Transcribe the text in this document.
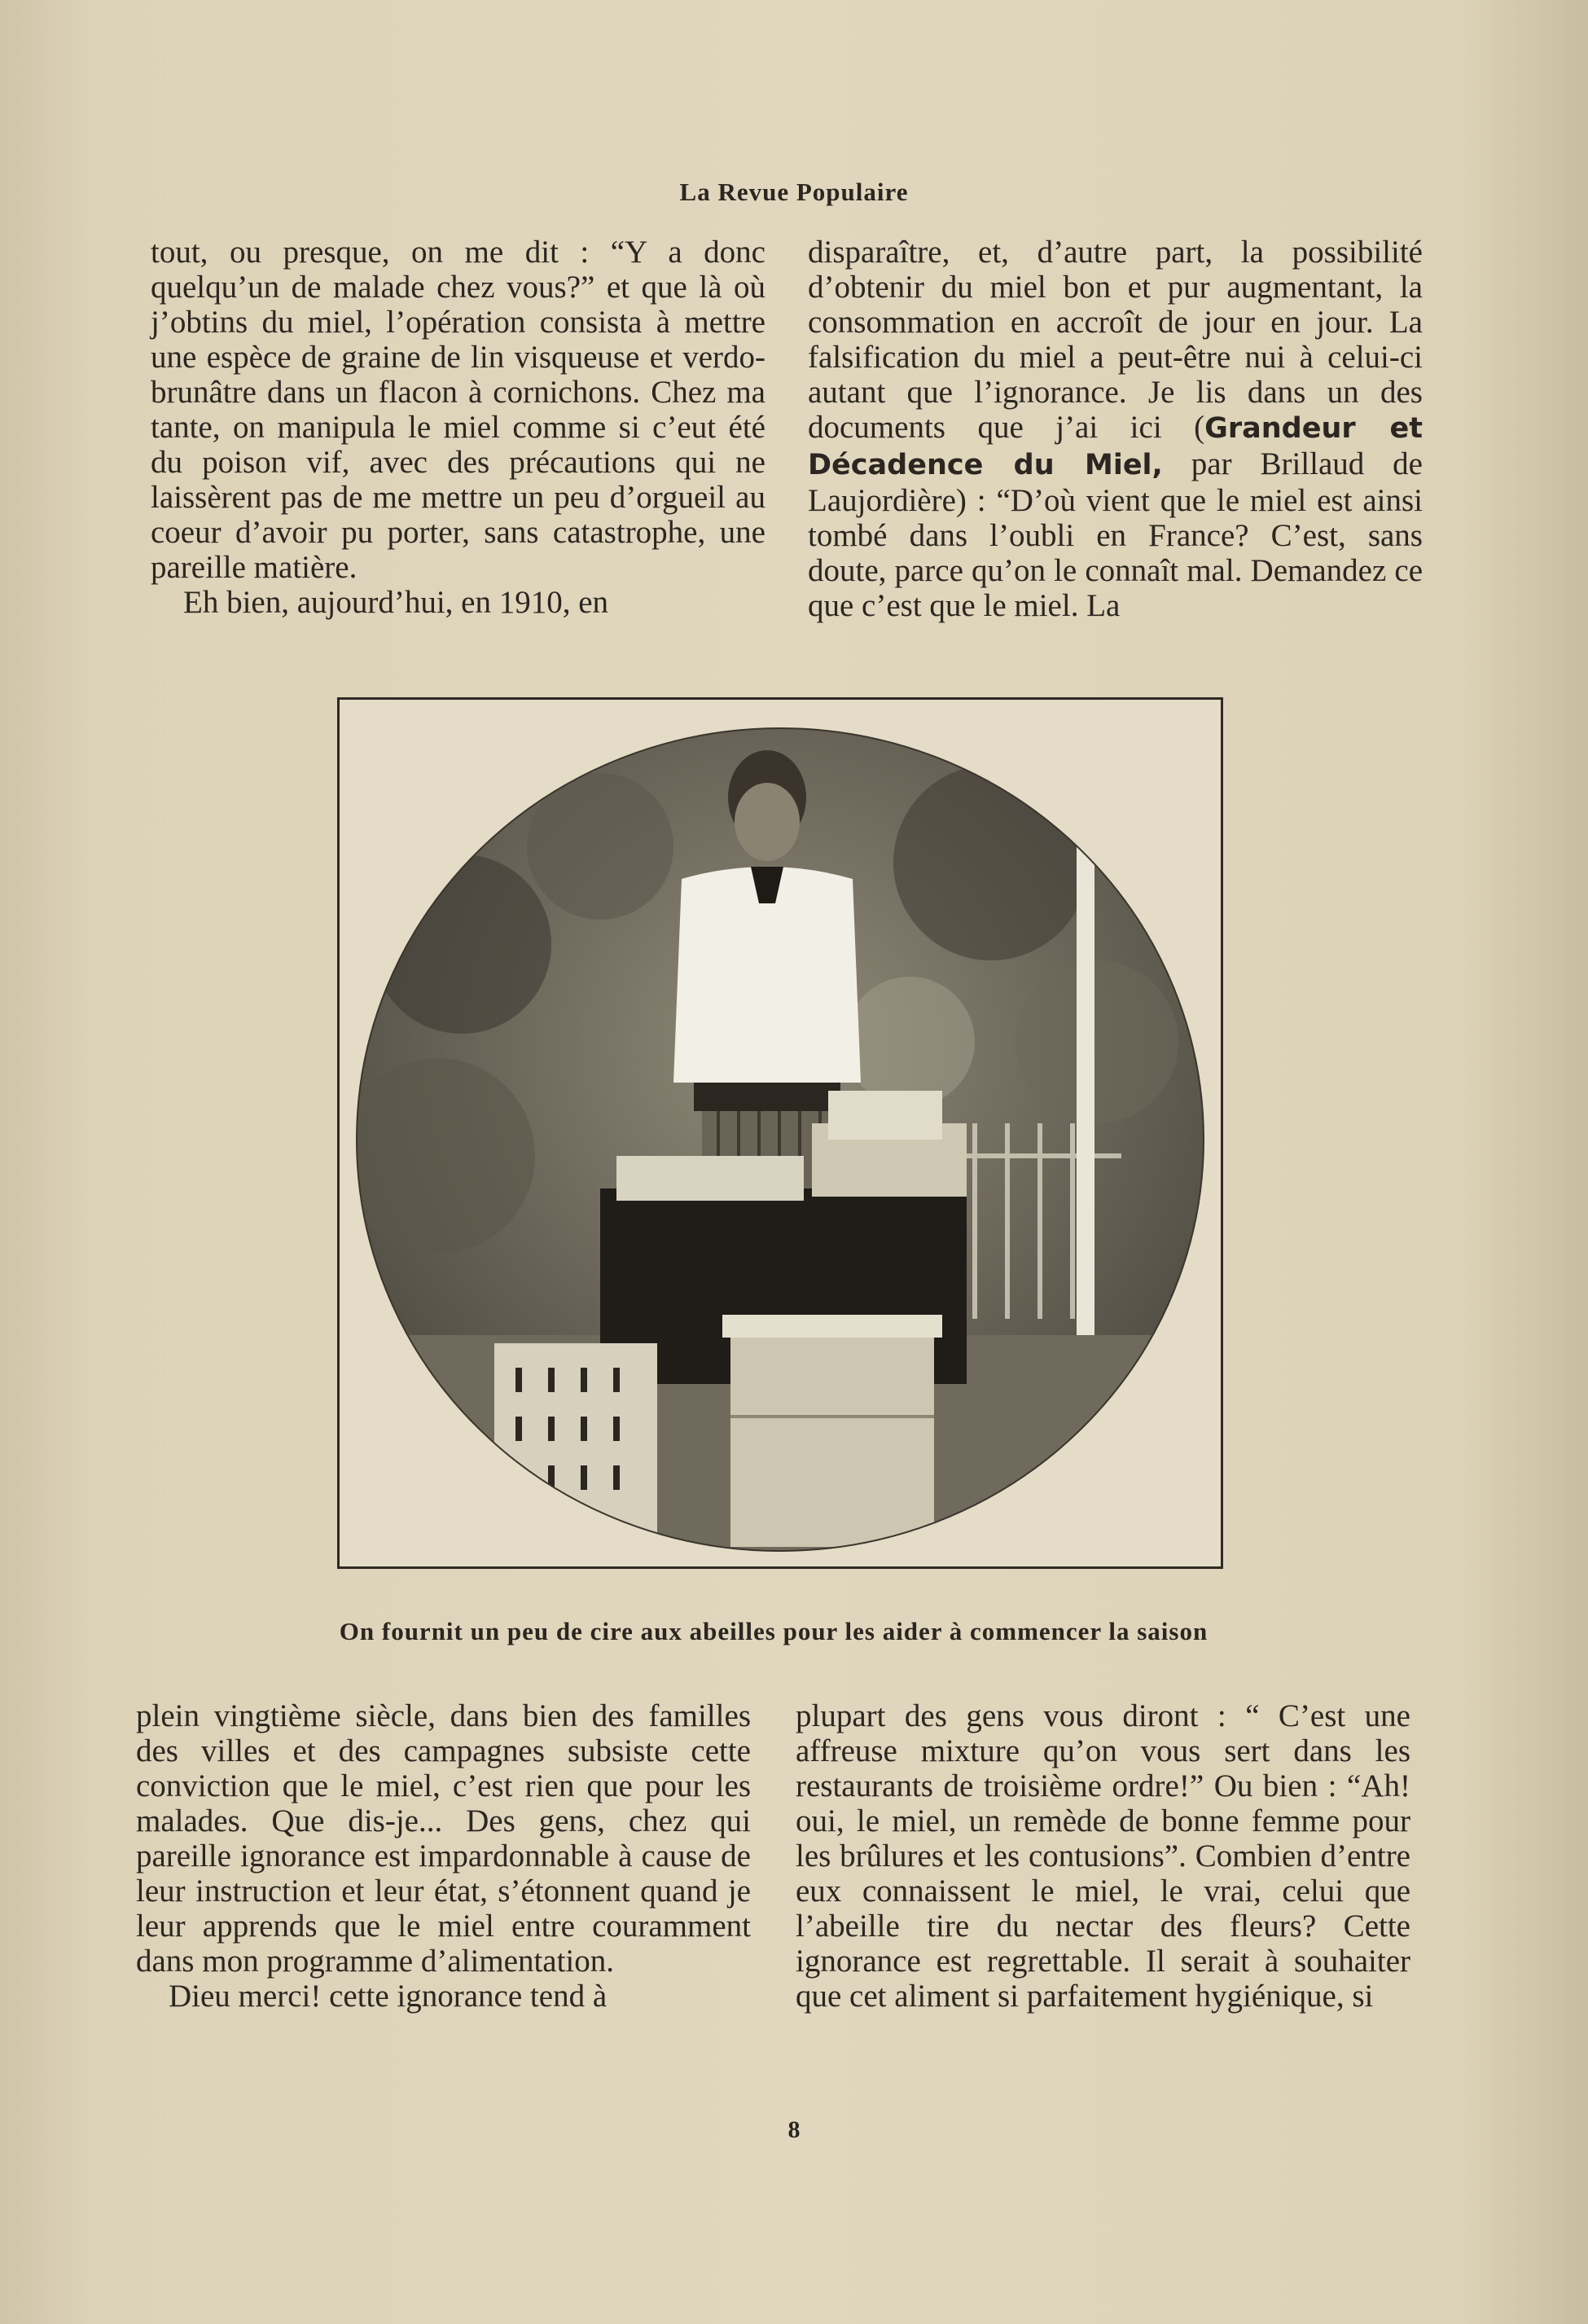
La Revue Populaire

tout, ou presque, on me dit : “Y a donc quelqu’un de malade chez vous?” et que là où j’obtins du miel, l’opération consista à mettre une espèce de graine de lin visqueuse et verdo-brunâtre dans un flacon à cornichons. Chez ma tante, on manipula le miel comme si c’eut été du poison vif, avec des précautions qui ne laissèrent pas de me mettre un peu d’orgueil au coeur d’avoir pu porter, sans catastrophe, une pareille matière.

Eh bien, aujourd’hui, en 1910, en

disparaître, et, d’autre part, la possibilité d’obtenir du miel bon et pur augmentant, la consommation en accroît de jour en jour. La falsification du miel a peut-être nui à celui-ci autant que l’ignorance. Je lis dans un des documents que j’ai ici (Grandeur et Décadence du Miel, par Brillaud de Laujordière) : “D’où vient que le miel est ainsi tombé dans l’oubli en France? C’est, sans doute, parce qu’on le connaît mal. Demandez ce que c’est que le miel. La

On fournit un peu de cire aux abeilles pour les aider à commencer la saison

plein vingtième siècle, dans bien des familles des villes et des campagnes subsiste cette conviction que le miel, c’est rien que pour les malades. Que dis-je... Des gens, chez qui pareille ignorance est impardonnable à cause de leur instruction et leur état, s’étonnent quand je leur apprends que le miel entre couramment dans mon programme d’alimentation.

Dieu merci! cette ignorance tend à

plupart des gens vous diront : “ C’est une affreuse mixture qu’on vous sert dans les restaurants de troisième ordre!” Ou bien : “Ah! oui, le miel, un remède de bonne femme pour les brûlures et les contusions”. Combien d’entre eux connaissent le miel, le vrai, celui que l’abeille tire du nectar des fleurs? Cette ignorance est regrettable. Il serait à souhaiter que cet aliment si parfaitement hygiénique, si

8
